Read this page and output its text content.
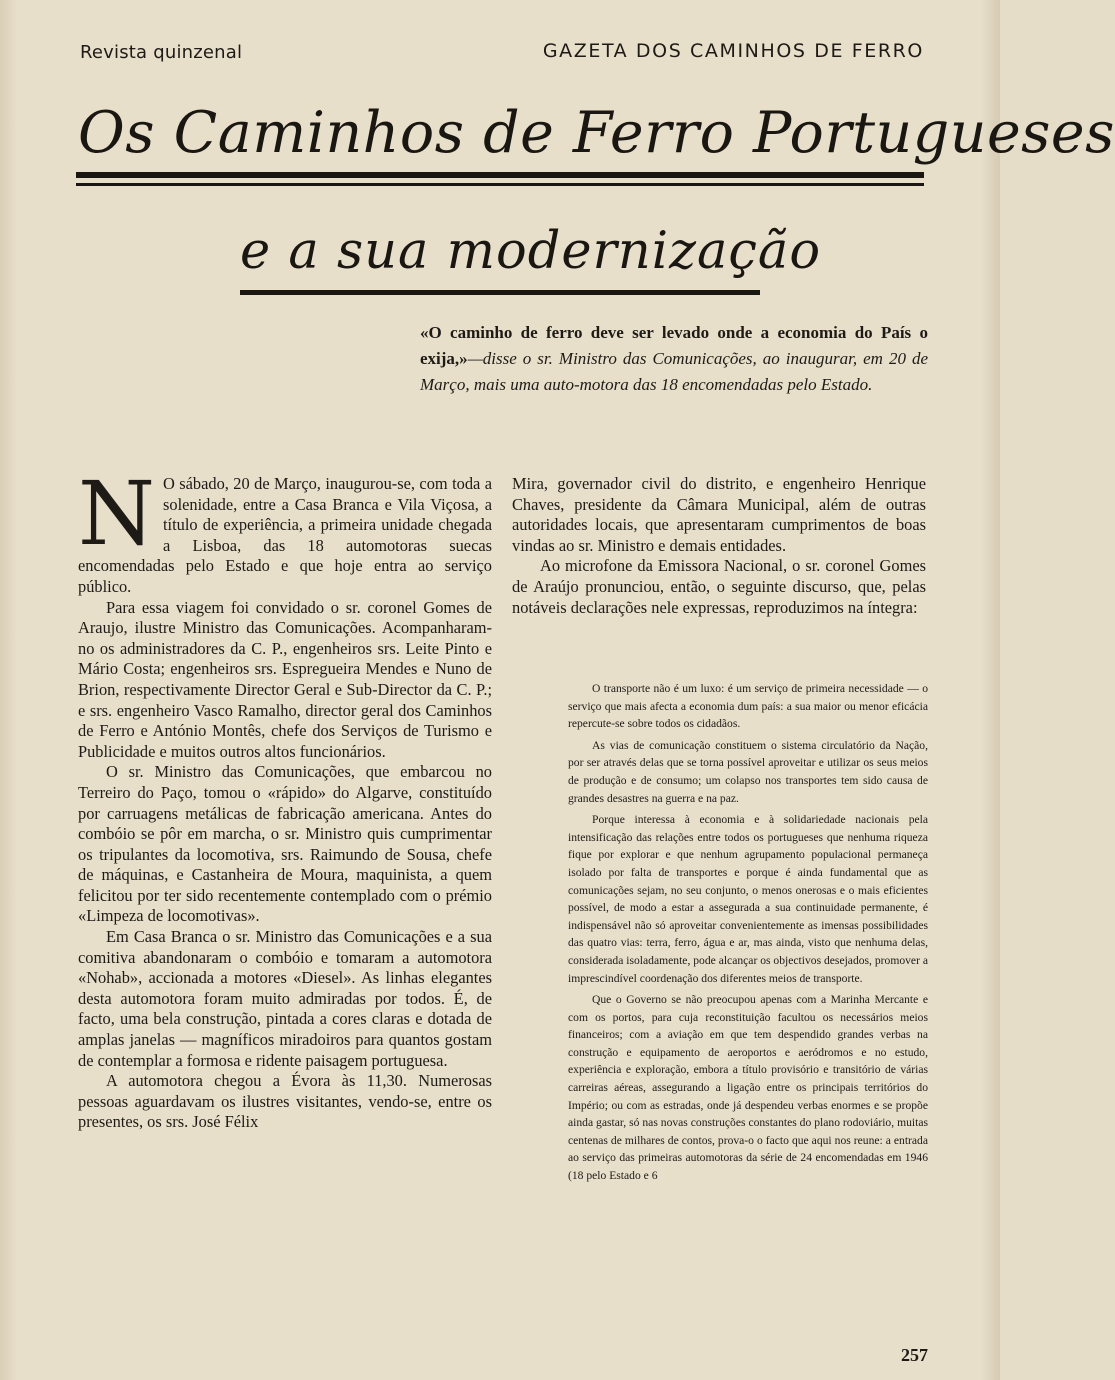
Revista quinzenal	GAZETA DOS CAMINHOS DE FERRO
Os Caminhos de Ferro Portugueses
e a sua modernização
«O caminho de ferro deve ser levado onde a economia do País o exija,»—disse o sr. Ministro das Comunicações, ao inaugurar, em 20 de Março, mais uma auto-motora das 18 encomendadas pelo Estado.

N O sábado, 20 de Março, inaugurou-se, com toda a solenidade, entre a Casa Branca e Vila Viçosa, a título de experiência, a primeira unidade chegada a Lisboa, das 18 automotoras suecas encomendadas pelo Estado e que hoje entra ao serviço público.

Para essa viagem foi convidado o sr. coronel Gomes de Araujo, ilustre Ministro das Comunicações. Acompanharam-no os administradores da C. P., engenheiros srs. Leite Pinto e Mário Costa; engenheiros srs. Espregueira Mendes e Nuno de Brion, respectivamente Director Geral e Sub-Director da C. P.; e srs. engenheiro Vasco Ramalho, director geral dos Caminhos de Ferro e António Montês, chefe dos Serviços de Turismo e Publicidade e muitos outros altos funcionários.

O sr. Ministro das Comunicações, que embarcou no Terreiro do Paço, tomou o «rápido» do Algarve, constituído por carruagens metálicas de fabricação americana. Antes do combóio se pôr em marcha, o sr. Ministro quis cumprimentar os tripulantes da locomotiva, srs. Raimundo de Sousa, chefe de máquinas, e Castanheira de Moura, maquinista, a quem felicitou por ter sido recentemente contemplado com o prémio «Limpeza de locomotivas».

Em Casa Branca o sr. Ministro das Comunicações e a sua comitiva abandonaram o combóio e tomaram a automotora «Nohab», accionada a motores «Diesel». As linhas elegantes desta automotora foram muito admiradas por todos. É, de facto, uma bela construção, pintada a cores claras e dotada de amplas janelas — magníficos miradoiros para quantos gostam de contemplar a formosa e ridente paisagem portuguesa.

A automotora chegou a Évora às 11,30. Numerosas pessoas aguardavam os ilustres visitantes, vendo-se, entre os presentes, os srs. José Félix

Mira, governador civil do distrito, e engenheiro Henrique Chaves, presidente da Câmara Municipal, além de outras autoridades locais, que apresentaram cumprimentos de boas vindas ao sr. Ministro e demais entidades.

Ao microfone da Emissora Nacional, o sr. coronel Gomes de Araújo pronunciou, então, o seguinte discurso, que, pelas notáveis declarações nele expressas, reproduzimos na íntegra:

O transporte não é um luxo: é um serviço de primeira necessidade — o serviço que mais afecta a economia dum país: a sua maior ou menor eficácia repercute-se sobre todos os cidadãos.

As vias de comunicação constituem o sistema circulatório da Nação, por ser através delas que se torna possível aproveitar e utilizar os seus meios de produção e de consumo; um colapso nos transportes tem sido causa de grandes desastres na guerra e na paz.

Porque interessa à economia e à solidariedade nacionais pela intensificação das relações entre todos os portugueses que nenhuma riqueza fique por explorar e que nenhum agrupamento populacional permaneça isolado por falta de transportes e porque é ainda fundamental que as comunicações sejam, no seu conjunto, o menos onerosas e o mais eficientes possível, de modo a estar a assegurada a sua continuidade permanente, é indispensável não só aproveitar convenientemente as imensas possibilidades das quatro vias: terra, ferro, água e ar, mas ainda, visto que nenhuma delas, considerada isoladamente, pode alcançar os objectivos desejados, promover a imprescindível coordenação dos diferentes meios de transporte.

Que o Governo se não preocupou apenas com a Marinha Mercante e com os portos, para cuja reconstituição facultou os necessários meios financeiros; com a aviação em que tem despendido grandes verbas na construção e equipamento de aeroportos e aeródromos e no estudo, experiência e exploração, embora a título provisório e transitório de várias carreiras aéreas, assegurando a ligação entre os principais territórios do Império; ou com as estradas, onde já despendeu verbas enormes e se propõe ainda gastar, só nas novas construções constantes do plano rodoviário, muitas centenas de milhares de contos, prova-o o facto que aqui nos reune: a entrada ao serviço das primeiras automotoras da série de 24 encomendadas em 1946 (18 pelo Estado e 6

257
